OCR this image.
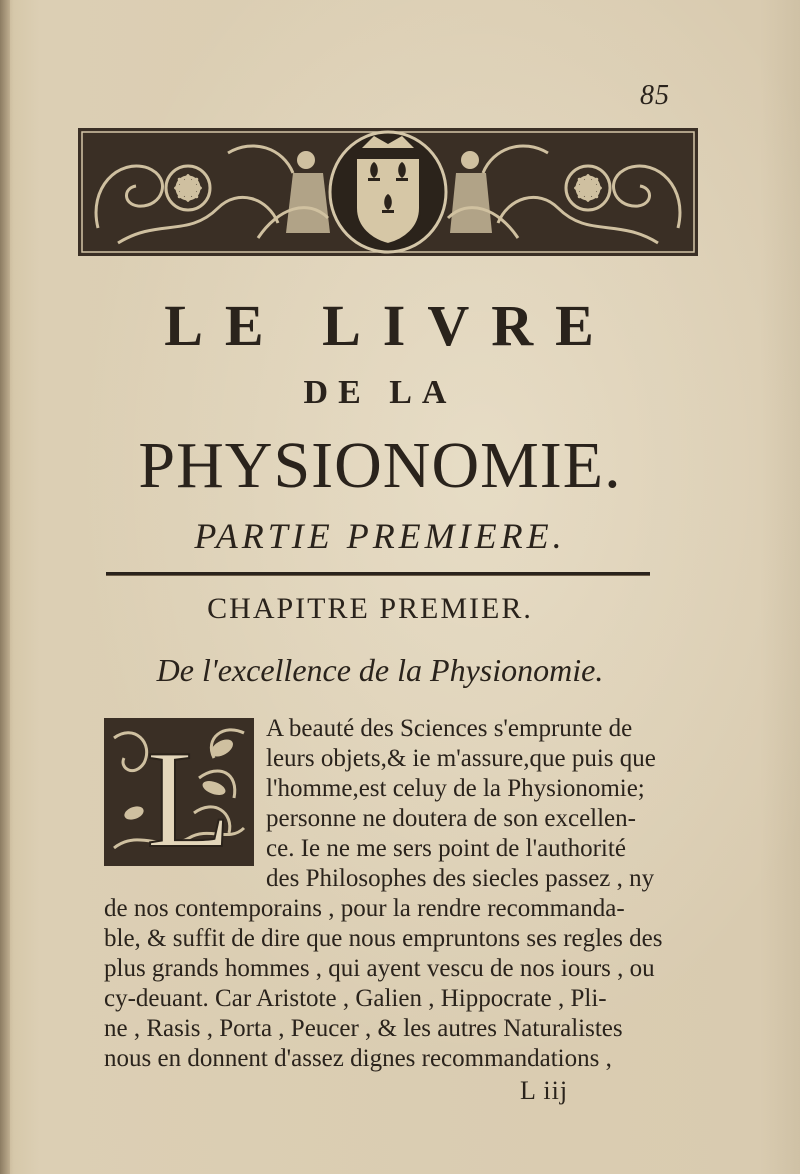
85
LE LIVRE
DE LA
PHYSIONOMIE.
PARTIE PREMIERE.
CHAPITRE PREMIER.
De l'excellence de la Physionomie.
L A beauté des Sciences s'emprunte de
leurs objets,& ie m'assure,que puis que
l'homme,est celuy de la Physionomie;
personne ne doutera de son excellen-
ce. Ie ne me sers point de l'authorité
des Philosophes des siecles passez , ny
de nos contemporains , pour la rendre recommanda-
ble, & suffit de dire que nous empruntons ses regles des
plus grands hommes , qui ayent vescu de nos iours , ou
cy-deuant. Car Aristote , Galien , Hippocrate , Pli-
ne , Rasis , Porta , Peucer , & les autres Naturalistes
nous en donnent d'assez dignes recommandations ,
L iij
